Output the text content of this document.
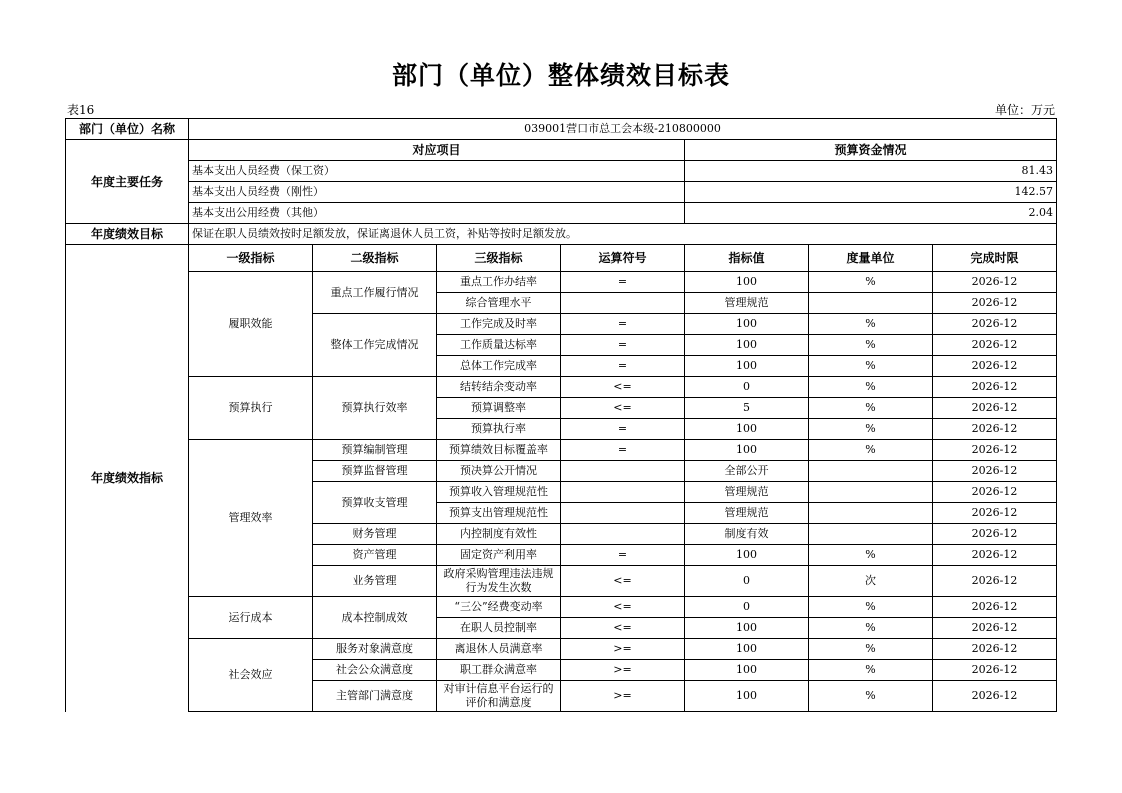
部门（单位）整体绩效目标表
表16	单位：万元
部门（单位）名称	039001营口市总工会本级-210800000						
年度主要任务	对应项目				预算资金情况		
	基本支出人员经费（保工资）				81.43		
	基本支出人员经费（刚性）				142.57		
	基本支出公用经费（其他）				2.04		
年度绩效目标	保证在职人员绩效按时足额发放，保证离退休人员工资，补贴等按时足额发放。						
年度绩效指标	一级指标	二级指标	三级指标	运算符号	指标值	度量单位	完成时限
	履职效能	重点工作履行情况	重点工作办结率	=	100	%	2026-12
			综合管理水平		管理规范		2026-12
		整体工作完成情况	工作完成及时率	=	100	%	2026-12
			工作质量达标率	=	100	%	2026-12
			总体工作完成率	=	100	%	2026-12
	预算执行	预算执行效率	结转结余变动率	<=	0	%	2026-12
			预算调整率	<=	5	%	2026-12
			预算执行率	=	100	%	2026-12
	管理效率	预算编制管理	预算绩效目标覆盖率	=	100	%	2026-12
		预算监督管理	预决算公开情况		全部公开		2026-12
		预算收支管理	预算收入管理规范性		管理规范		2026-12
			预算支出管理规范性		管理规范		2026-12
		财务管理	内控制度有效性		制度有效		2026-12
		资产管理	固定资产利用率	=	100	%	2026-12
		业务管理	政府采购管理违法违规行为发生次数	<=	0	次	2026-12
	运行成本	成本控制成效	“三公”经费变动率	<=	0	%	2026-12
			在职人员控制率	<=	100	%	2026-12
	社会效应	服务对象满意度	离退休人员满意率	>=	100	%	2026-12
		社会公众满意度	职工群众满意率	>=	100	%	2026-12
		主管部门满意度	对审计信息平台运行的评价和满意度	>=	100	%	2026-12
